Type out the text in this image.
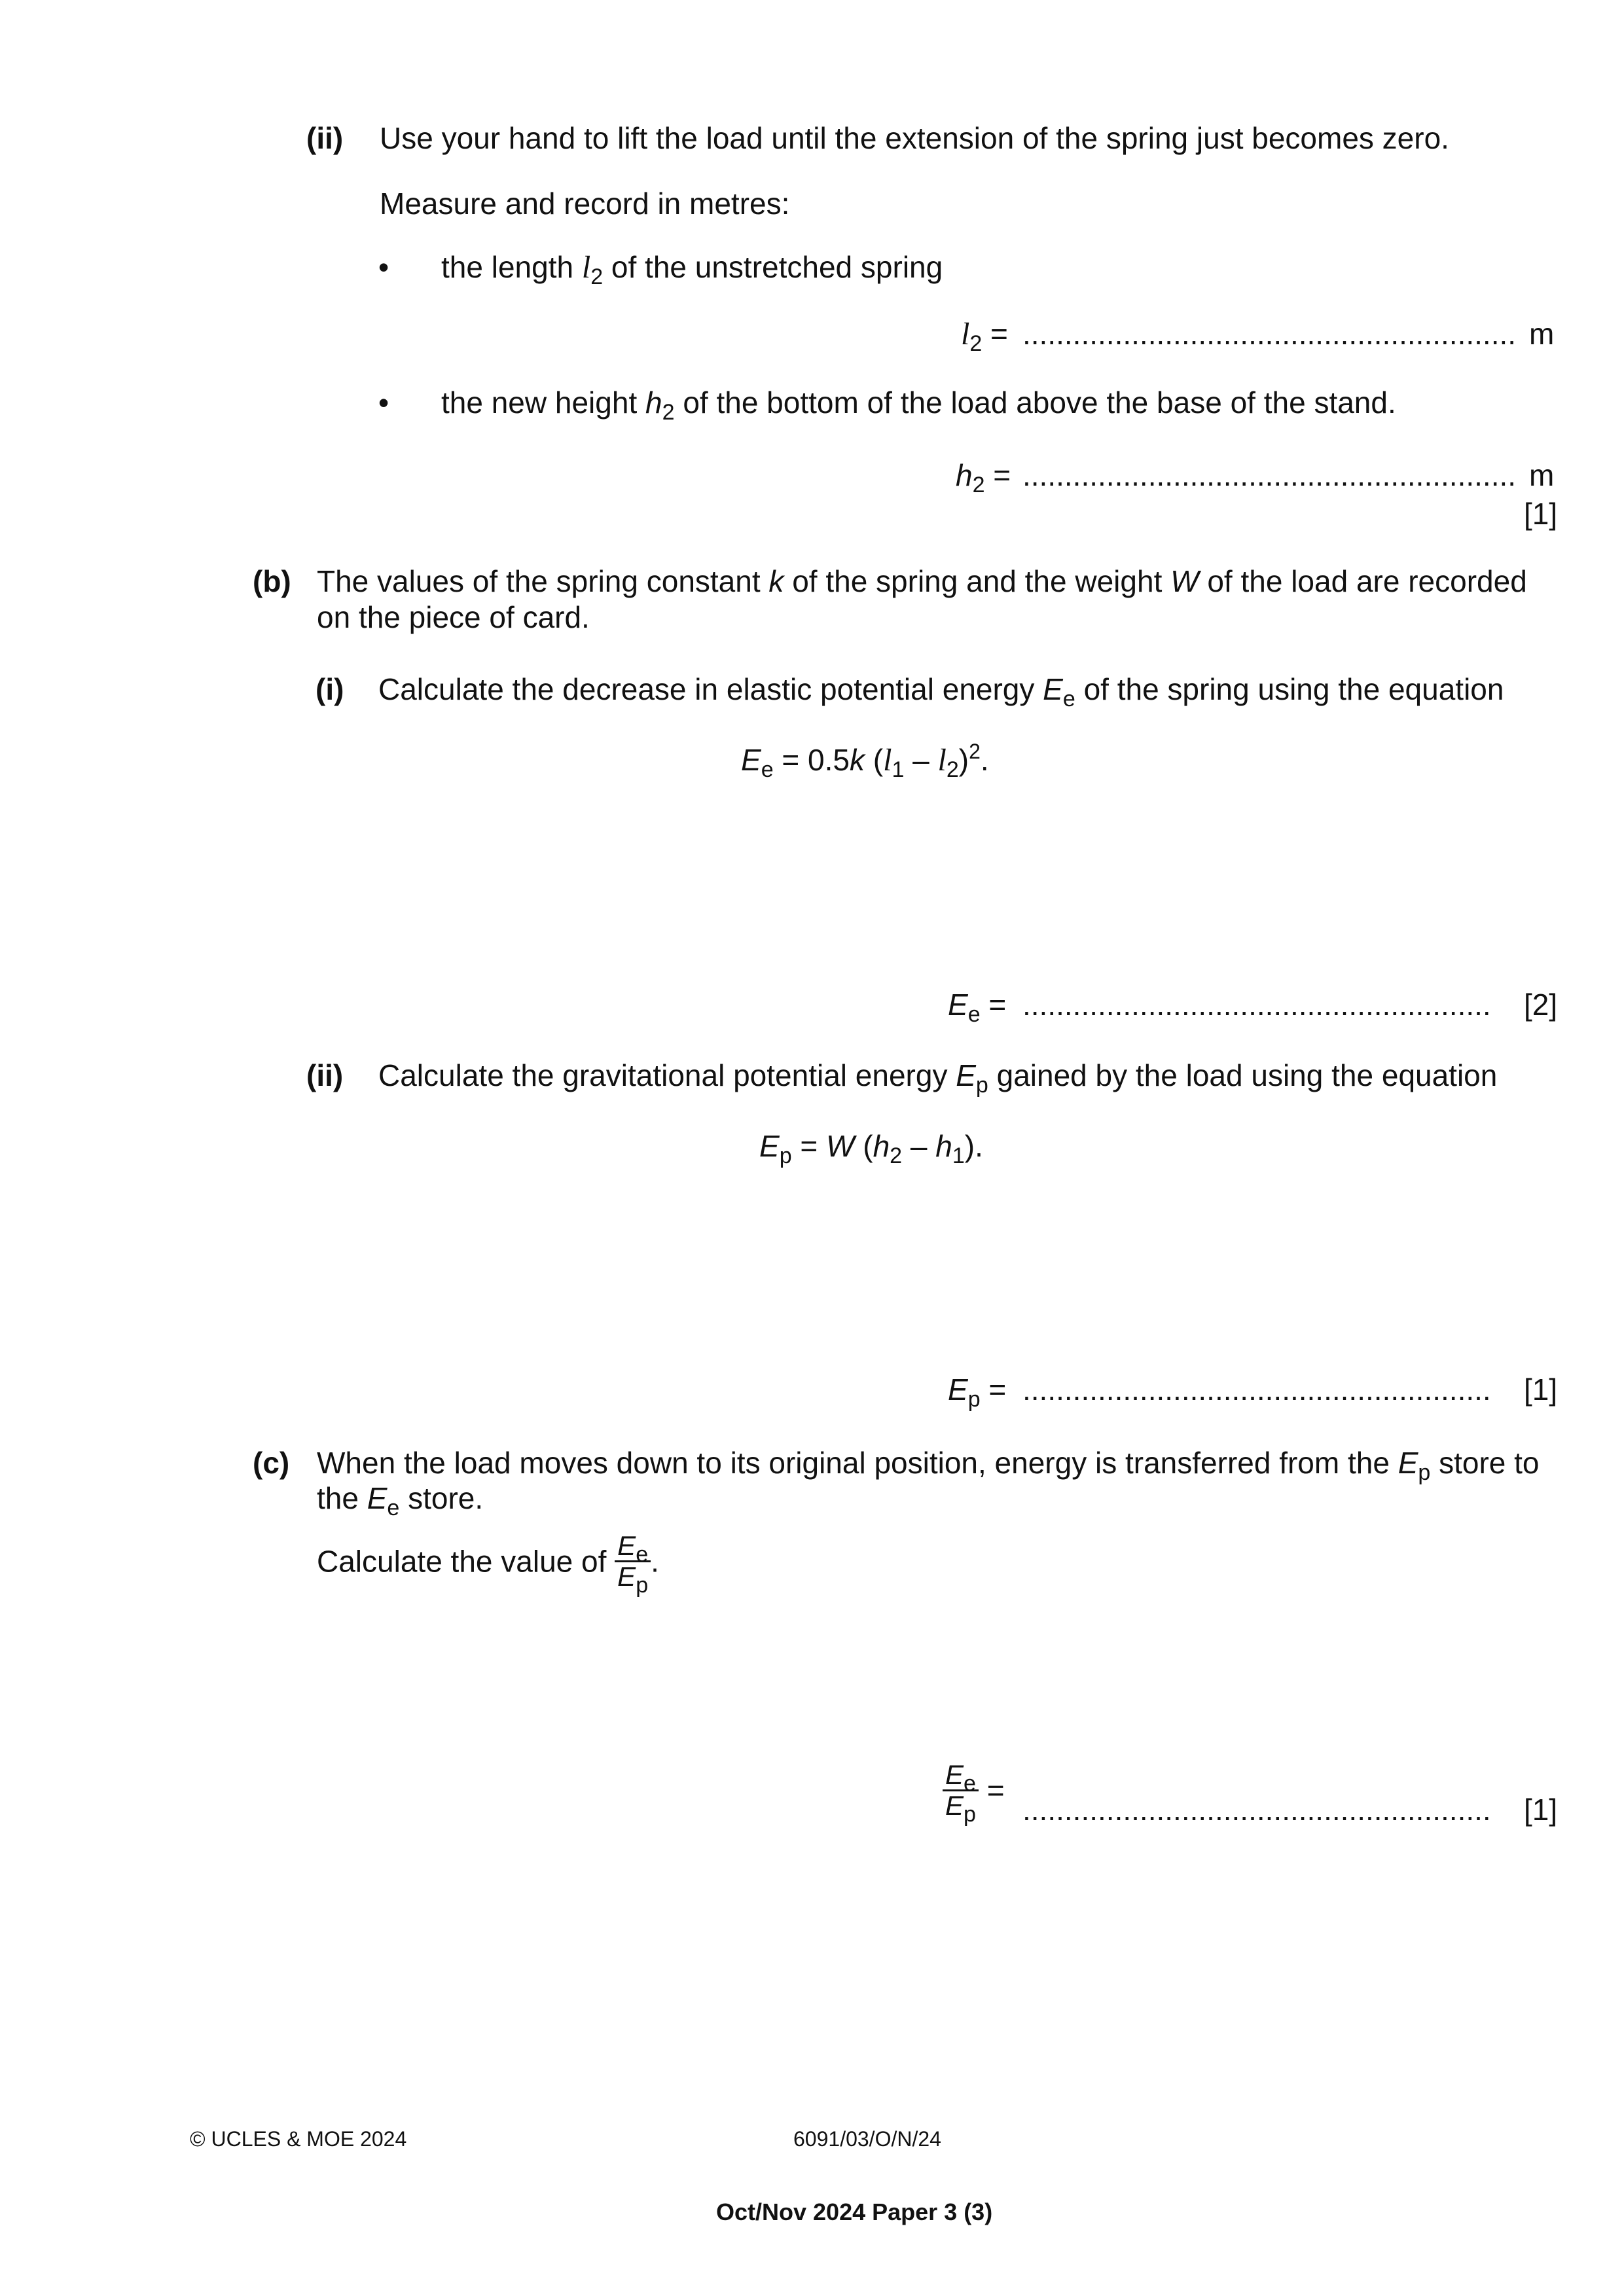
(ii) Use your hand to lift the load until the extension of the spring just becomes zero.
Measure and record in metres:
• the length $l_2$ of the unstretched spring
$l_2$ = ........................................................... m
• the new height $h_2$ of the bottom of the load above the base of the stand.
$h_2$ = ........................................................... m
[1]
(b) The values of the spring constant k of the spring and the weight W of the load are recorded
on the piece of card.
(i) Calculate the decrease in elastic potential energy $E_e$ of the spring using the equation
$E_e = 0.5k$ $(l_1 - l_2)^2$.
$E_e$ = ........................................................ [2]
(ii) Calculate the gravitational potential energy $E_p$ gained by the load using the equation
$E_p = W$ $(h_2 - h_1)$.
$E_p$ = ........................................................ [1]
(c) When the load moves down to its original position, energy is transferred from the $E_p$ store to
the $E_e$ store.
Calculate the value of $\frac{E_e}{E_p}$ .
$\frac{E_e}{E_p}$ =
........................................................ [1]
© UCLES & MOE 2024	6091/03/O/N/24
Oct/Nov 2024 Paper 3 (3)
